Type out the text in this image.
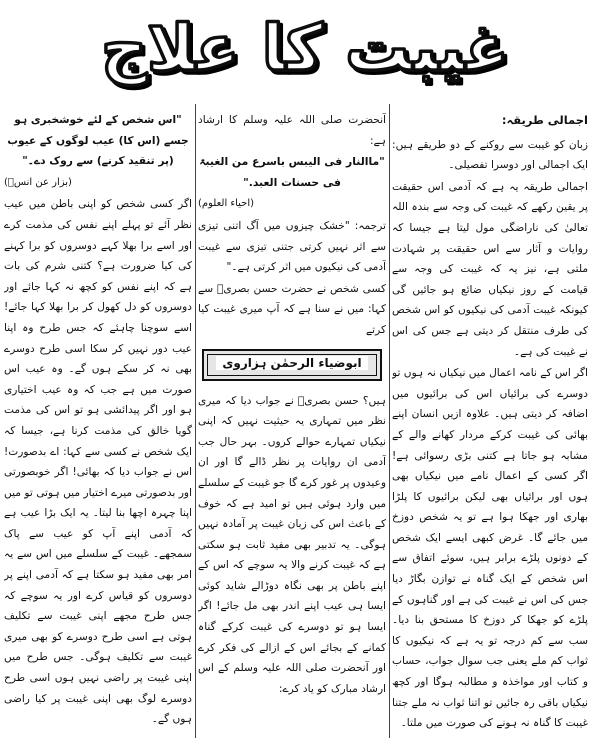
غیبت کا علاج

اجمالی طریقہ:

زبان کو غیبت سے روکنے کے دو طریقے ہیں: ایک اجمالی اور دوسرا تفصیلی۔

اجمالی طریقہ یہ ہے کہ آدمی اس حقیقت پر یقین رکھے کہ غیبت کی وجہ سے بندہ اللہ تعالیٰ کی ناراضگی مول لیتا ہے جیسا کہ روایات و آثار سے اس حقیقت پر شہادت ملتی ہے، نیز یہ کہ غیبت کی وجہ سے قیامت کے روز نیکیاں ضائع ہو جائیں گی کیونکہ غیبت آدمی کی نیکیوں کو اس شخص کی طرف منتقل کر دیتی ہے جس کی اس نے غیبت کی ہے۔

اگر اس کے نامہ اعمال میں نیکیاں نہ ہوں تو دوسرے کی برائیاں اس کی برائیوں میں اضافہ کر دیتی ہیں۔ علاوہ ازیں انسان اپنے بھائی کی غیبت کرکے مردار کھانے والے کے مشابہ ہو جاتا ہے کتنی بڑی رسوائی ہے! اگر کسی کے اعمال نامے میں نیکیاں بھی ہوں اور برائیاں بھی لیکن برائیوں کا پلڑا بھاری اور جھکا ہوا ہے تو یہ شخص دوزخ میں جائے گا۔ غرض کبھی ایسے ایک شخص کے دونوں پلڑے برابر ہیں، سوئے اتفاق سے اس شخص کے ایک گناہ نے توازن بگاڑ دیا جس کی اس نے غیبت کی ہے اور گناہوں کے پلڑے کو جھکا کر دوزخ کا مستحق بنا دیا۔ سب سے کم درجہ تو یہ ہے کہ نیکیوں کا ثواب کم ملے یعنی جب سوال جواب، حساب و کتاب اور مواخذہ و مطالبہ ہوگا اور کچھ نیکیاں باقی رہ جائیں تو اتنا ثواب نہ ملے جتنا غیبت کا گناہ نہ ہونے کی صورت میں ملتا۔

آنحضرت صلی اللہ علیہ وسلم کا ارشاد ہے:

"ماالنار فی الیبس باسرع من الغیبۃ فی حسنات العبد."

(احیاء العلوم)

ترجمہ: "خشک چیزوں میں آگ اتنی تیزی سے اثر نہیں کرتی جتنی تیزی سے غیبت آدمی کی نیکیوں میں اثر کرتی ہے۔"

کسی شخص نے حضرت حسن بصریؒ سے کہا: میں نے سنا ہے کہ آپ میری غیبت کیا کرتے

ابوضیاء الرحمٰن ہزاروی

ہیں؟ حسن بصریؒ نے جواب دیا کہ میری نظر میں تمہاری یہ حیثیت نہیں کہ اپنی نیکیاں تمہارے حوالے کروں۔ بہر حال جب آدمی ان روایات پر نظر ڈالے گا اور ان وعیدوں پر غور کرے گا جو غیبت کے سلسلے میں وارد ہوئی ہیں تو امید ہے کہ خوف کے باعث اس کی زبان غیبت پر آمادہ نہیں ہوگی۔ یہ تدبیر بھی مفید ثابت ہو سکتی ہے کہ غیبت کرنے والا یہ سوچے کہ اس کے اپنے باطن پر بھی نگاہ دوڑالے شاید کوئی ایسا ہی عیب اپنے اندر بھی مل جائے! اگر ایسا ہو تو دوسرے کی غیبت کرکے گناہ کمانے کے بجائے اس کے ازالے کی فکر کرے اور آنحضرت صلی اللہ علیہ وسلم کے اس ارشاد مبارک کو یاد کرے:

"اس شخص کے لئے خوشخبری ہو جسے (اس کا) عیب لوگوں کے عیوب (پر تنقید کرنے) سے روک دے۔"

(بزار عن انسؓ)

اگر کسی شخص کو اپنی باطن میں عیب نظر آئے تو پہلے اپنے نفس کی مذمت کرے اور اسے برا بھلا کہے دوسروں کو برا کہنے کی کیا ضرورت ہے؟ کتنی شرم کی بات ہے کہ اپنے نفس کو کچھ نہ کہا جائے اور دوسروں کو دل کھول کر برا بھلا کہا جائے! اسے سوچنا چاہئے کہ جس طرح وہ اپنا عیب دور نہیں کر سکا اسی طرح دوسرے بھی نہ کر سکے ہوں گے۔ وہ عیب اس صورت میں ہے جب کہ وہ عیب اختیاری ہو اور اگر پیدائشی ہو تو اس کی مذمت گویا خالق کی مذمت کرنا ہے، جیسا کہ ایک شخص نے کسی سے کہا: اے بدصورت! اس نے جواب دیا کہ بھائی! اگر خوبصورتی اور بدصورتی میرے اختیار میں ہوتی تو میں اپنا چہرہ اچھا بنا لیتا۔ یہ ایک بڑا عیب ہے کہ آدمی اپنے آپ کو عیب سے پاک سمجھے۔ غیبت کے سلسلے میں اس سے یہ امر بھی مفید ہو سکتا ہے کہ آدمی اپنے پر دوسروں کو قیاس کرے اور یہ سوچے کہ جس طرح مجھے اپنی غیبت سے تکلیف ہوتی ہے اسی طرح دوسرے کو بھی میری غیبت سے تکلیف ہوگی۔ جس طرح میں اپنی غیبت پر راضی نہیں ہوں اسی طرح دوسرے لوگ بھی اپنی غیبت پر کیا راضی ہوں گے۔
